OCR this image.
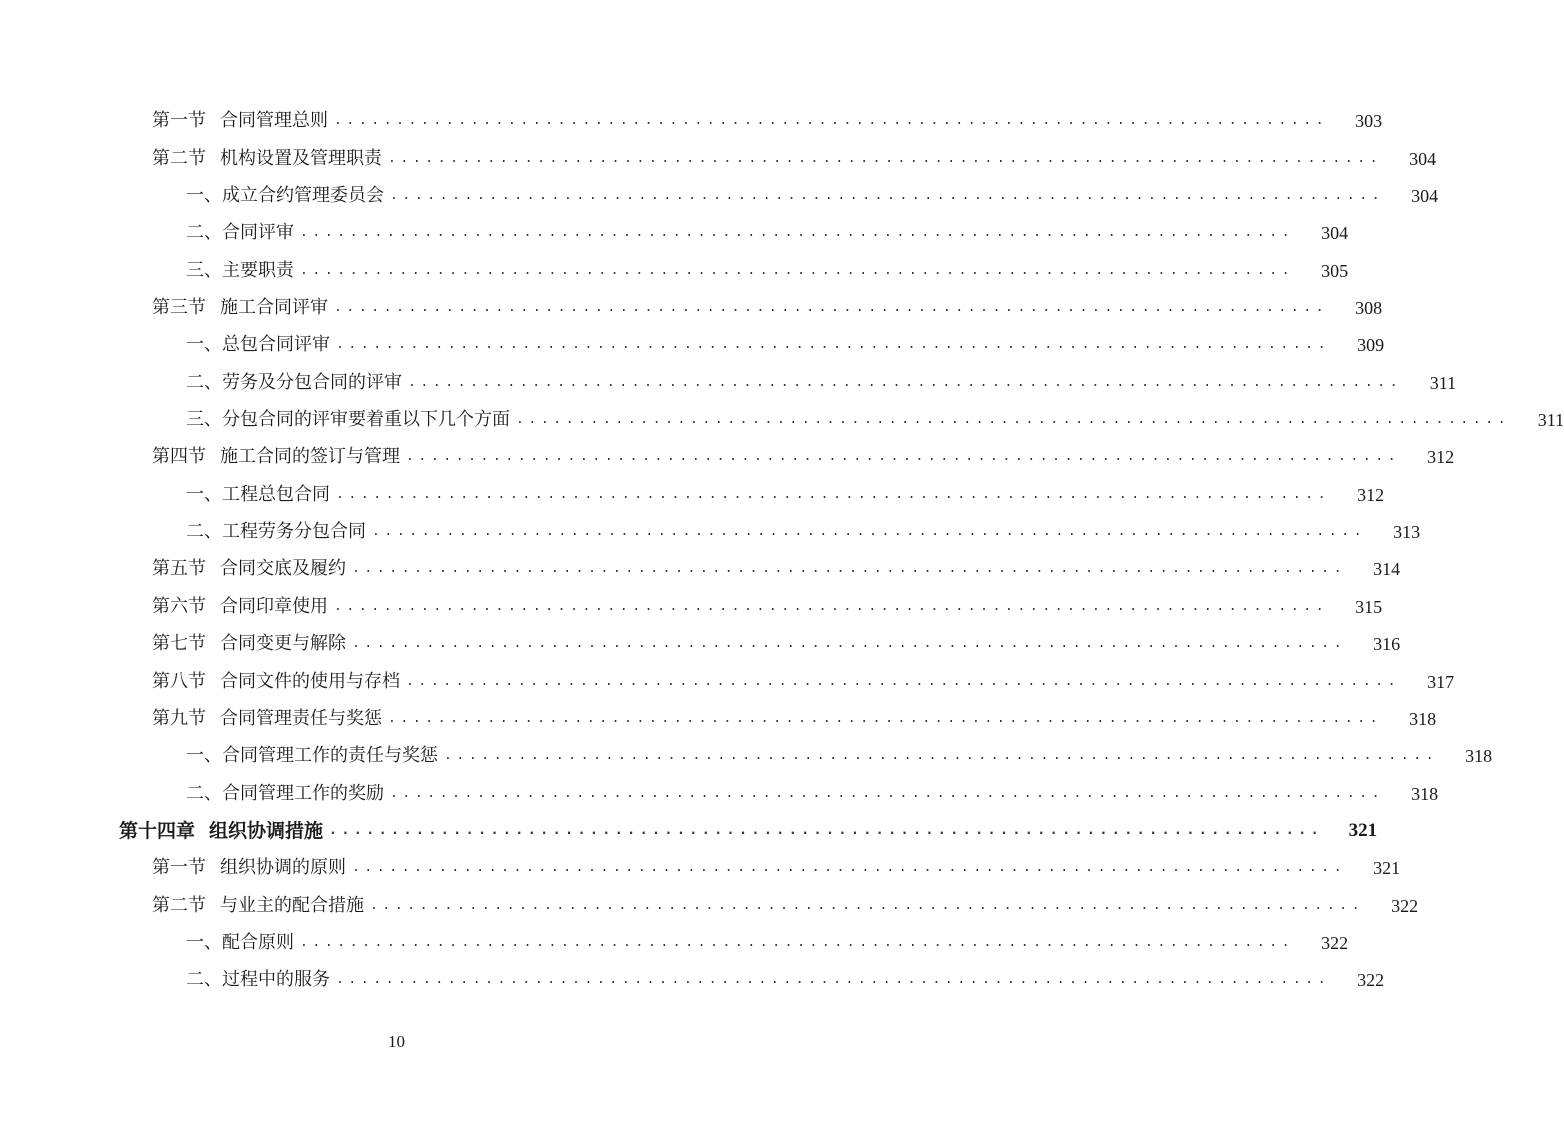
第一节 合同管理总则 ................................................................................	303
第二节 机构设置及管理职责 ................................................................................	304
一、 成立合约管理委员会 ................................................................................	304
二、 合同评审 ................................................................................	304
三、 主要职责 ................................................................................	305
第三节 施工合同评审 ................................................................................	308
一、 总包合同评审 ................................................................................	309
二、 劳务及分包合同的评审 ................................................................................	311
三、 分包合同的评审要着重以下几个方面 ................................................................................	311
第四节 施工合同的签订与管理 ................................................................................	312
一、 工程总包合同 ................................................................................	312
二、 工程劳务分包合同 ................................................................................	313
第五节 合同交底及履约 ................................................................................	314
第六节 合同印章使用 ................................................................................	315
第七节 合同变更与解除 ................................................................................	316
第八节 合同文件的使用与存档 ................................................................................	317
第九节 合同管理责任与奖惩 ................................................................................	318
一、 合同管理工作的责任与奖惩 ................................................................................	318
二、 合同管理工作的奖励 ................................................................................	318
第十四章 组织协调措施 ................................................................................	321
第一节 组织协调的原则 ................................................................................	321
第二节 与业主的配合措施 ................................................................................	322
一、 配合原则 ................................................................................	322
二、 过程中的服务 ................................................................................	322
10
